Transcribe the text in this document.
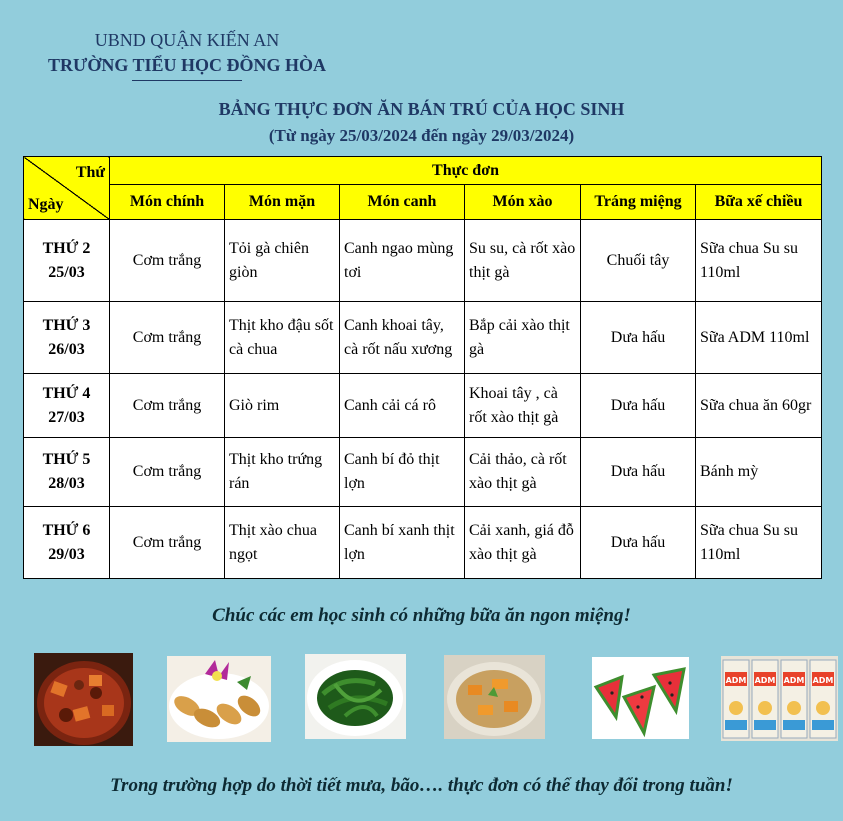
UBND QUẬN KIẾN AN
TRƯỜNG TIỂU HỌC ĐỒNG HÒA
BẢNG THỰC ĐƠN ĂN BÁN TRÚ CỦA HỌC SINH
(Từ ngày 25/03/2024 đến ngày 29/03/2024)
Thứ
Ngày	Thực đơn					
	Món chính	Món mặn	Món canh	Món xào	Tráng miệng	Bữa xế chiều

THỨ 2
25/03	Cơm trắng	Tỏi gà chiên giòn	Canh ngao mùng tơi	Su su, cà rốt xào thịt gà	Chuối tây	Sữa chua Su su 110ml

THỨ 3
26/03	Cơm trắng	Thịt kho đậu sốt cà chua	Canh khoai tây, cà rốt nấu xương	Bắp cải xào thịt gà	Dưa hấu	Sữa ADM 110ml

THỨ 4
27/03	Cơm trắng	Giò rim	Canh cải cá rô	Khoai tây , cà rốt xào thịt gà	Dưa hấu	Sữa chua ăn 60gr

THỨ 5
28/03	Cơm trắng	Thịt kho trứng rán	Canh bí đỏ thịt lợn	Cải thảo, cà rốt xào thịt gà	Dưa hấu	Bánh mỳ

THỨ 6
29/03	Cơm trắng	Thịt xào chua ngọt	Canh bí xanh thịt lợn	Cải xanh, giá đỗ xào thịt gà	Dưa hấu	Sữa chua Su su 110ml
Chúc các em học sinh có những bữa ăn ngon miệng!
ADM ADM ADM ADM
Trong trường hợp do thời tiết mưa, bão…. thực đơn có thể thay đổi trong tuần!
